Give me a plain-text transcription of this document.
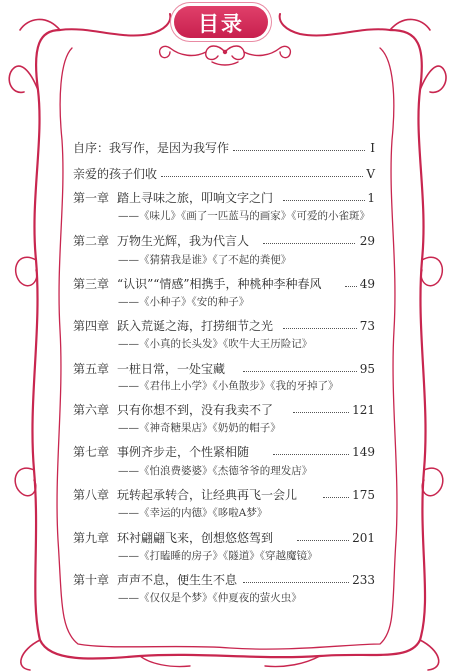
目录
自序：我写作，是因为我写作	I
亲爱的孩子们收	V
第一章 踏上寻味之旅，叩响文字之门	1
——《味儿》《画了一匹蓝马的画家》《可爱的小雀斑》
第二章 万物生光辉，我为代言人	29
——《猜猜我是谁》《了不起的粪便》
第三章 “认识”“情感”相携手，种桃种李种春风	49
——《小种子》《安的种子》
第四章 跃入荒诞之海，打捞细节之光	73
——《小真的长头发》《吹牛大王历险记》
第五章 一桩日常，一处宝藏	95
——《君伟上小学》《小鱼散步》《我的牙掉了》
第六章 只有你想不到，没有我卖不了	121
——《神奇糖果店》《奶奶的帽子》
第七章 事例齐步走，个性紧相随	149
——《怕浪费婆婆》《杰德爷爷的理发店》
第八章 玩转起承转合，让经典再飞一会儿	175
——《幸运的内德》《哆啦A梦》
第九章 环衬翩翩飞来，创想悠悠驾到	201
——《打瞌睡的房子》《隧道》《穿越魔镜》
第十章 声声不息，便生生不息	233
——《仅仅是个梦》《仲夏夜的萤火虫》
